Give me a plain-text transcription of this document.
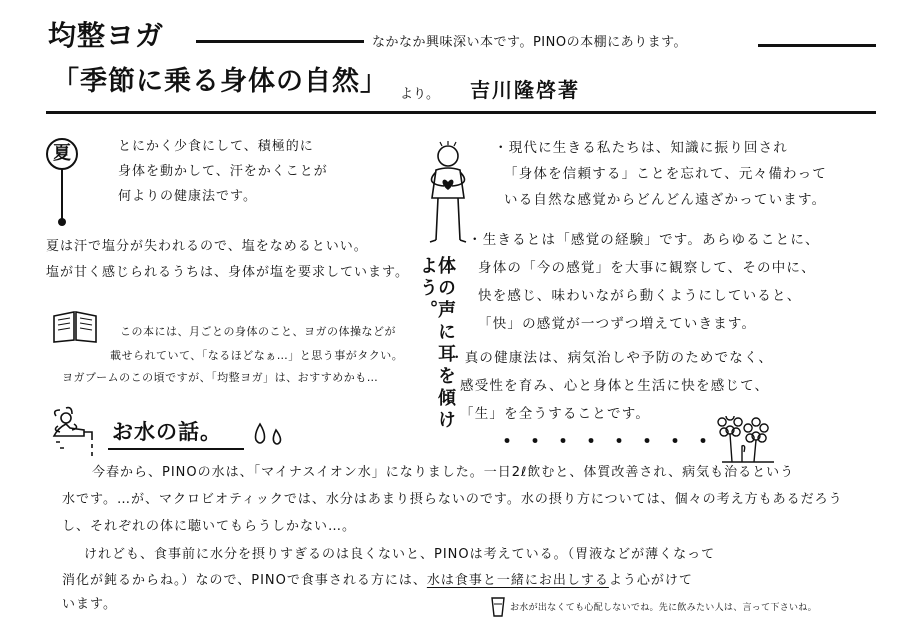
均整ヨガ	なかなか興味深い本です。PINOの本棚にあります。
「季節に乗る身体の自然」 より。 吉川隆啓著
夏	とにかく少食にして、積極的に
身体を動かして、汗をかくことが
何よりの健康法です。
夏は汗で塩分が失われるので、塩をなめるといい。
塩が甘く感じられるうちは、身体が塩を要求しています。
この本には、月ごとの身体のこと、ヨガの体操などが
載せられていて、「なるほどなぁ…」と思う事がタクい。
ヨガブームのこの頃ですが、「均整ヨガ」は、おすすめかも…	体の声に耳を傾けよう。
・現代に生きる私たちは、知識に振り回され
「身体を信頼する」ことを忘れて、元々備わって
いる自然な感覚からどんどん遠ざかっています。
・生きるとは「感覚の経験」です。あらゆることに、
身体の「今の感覚」を大事に観察して、その中に、
快を感じ、味わいながら動くようにしていると、
「快」の感覚が一つずつ増えていきます。
・真の健康法は、病気治しや予防のためでなく、
感受性を育み、心と身体と生活に快を感じて、
「生」を全うすることです。
・・・・・・・・
お水の話。
今春から、PINOの水は、「マイナスイオン水」になりました。一日2ℓ飲むと、体質改善され、病気も治るという
水です。…が、マクロビオティックでは、水分はあまり摂らないのです。水の摂り方については、個々の考え方もあるだろう
し、それぞれの体に聴いてもらうしかない…。
けれども、食事前に水分を摂りすぎるのは良くないと、PINOは考えている。（胃液などが薄くなって
消化が鈍るからね。）なので、PINOで食事される方には、水は食事と一緒にお出しするよう心がけて
います。	お水が出なくても心配しないでね。先に飲みたい人は、言って下さいね。
